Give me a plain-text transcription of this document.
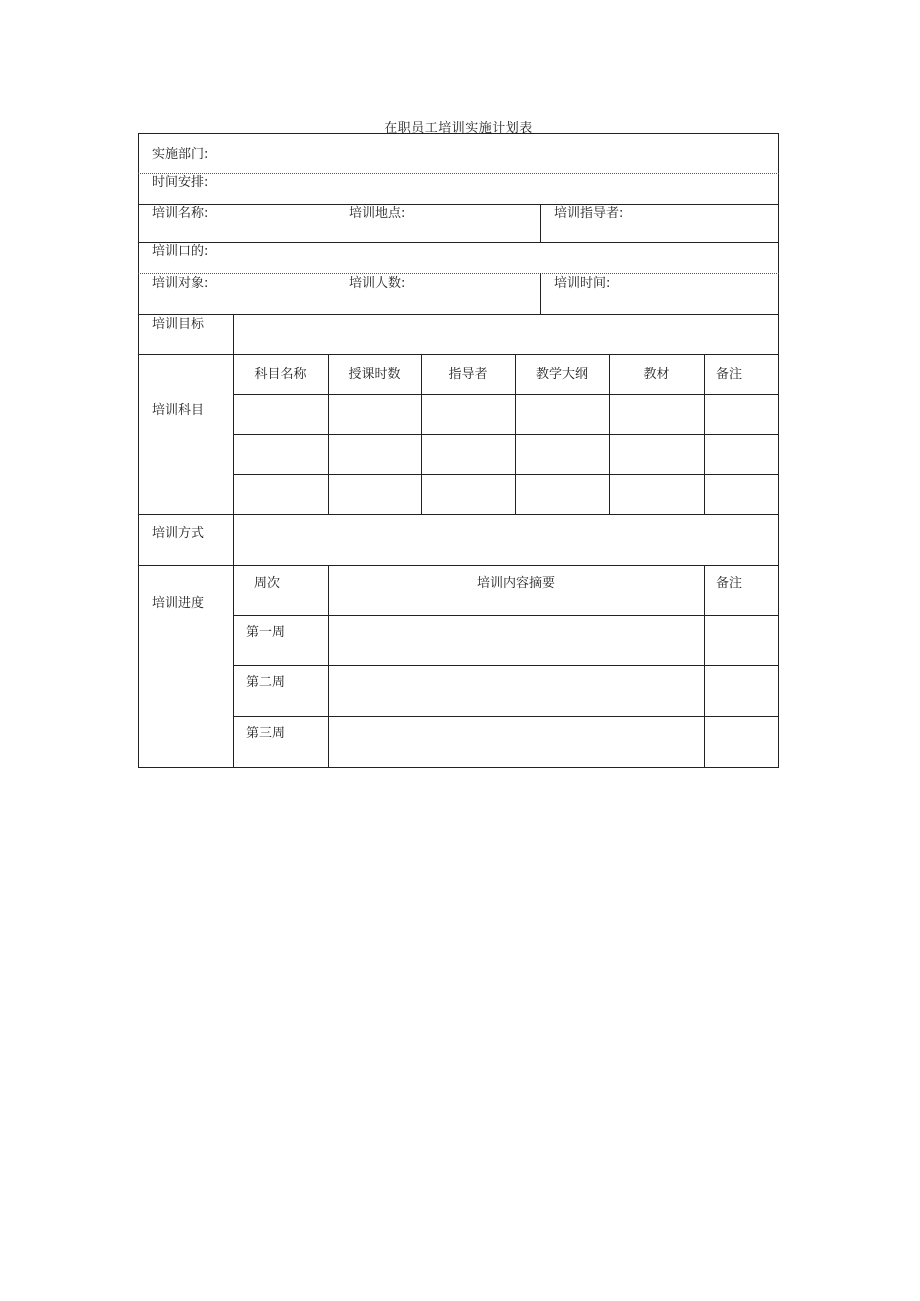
在职员工培训实施计划表
实施部门:
时间安排:
培训名称:	培训地点:	培训指导者:
培训口的:
培训对象:	培训人数:	培训时间:
培训目标
培训科目
科目名称	授课时数	指导者	教学大纲	教材	备注
培训方式
培训进度
周次	培训内容摘要	备注
第一周
第二周
第三周
